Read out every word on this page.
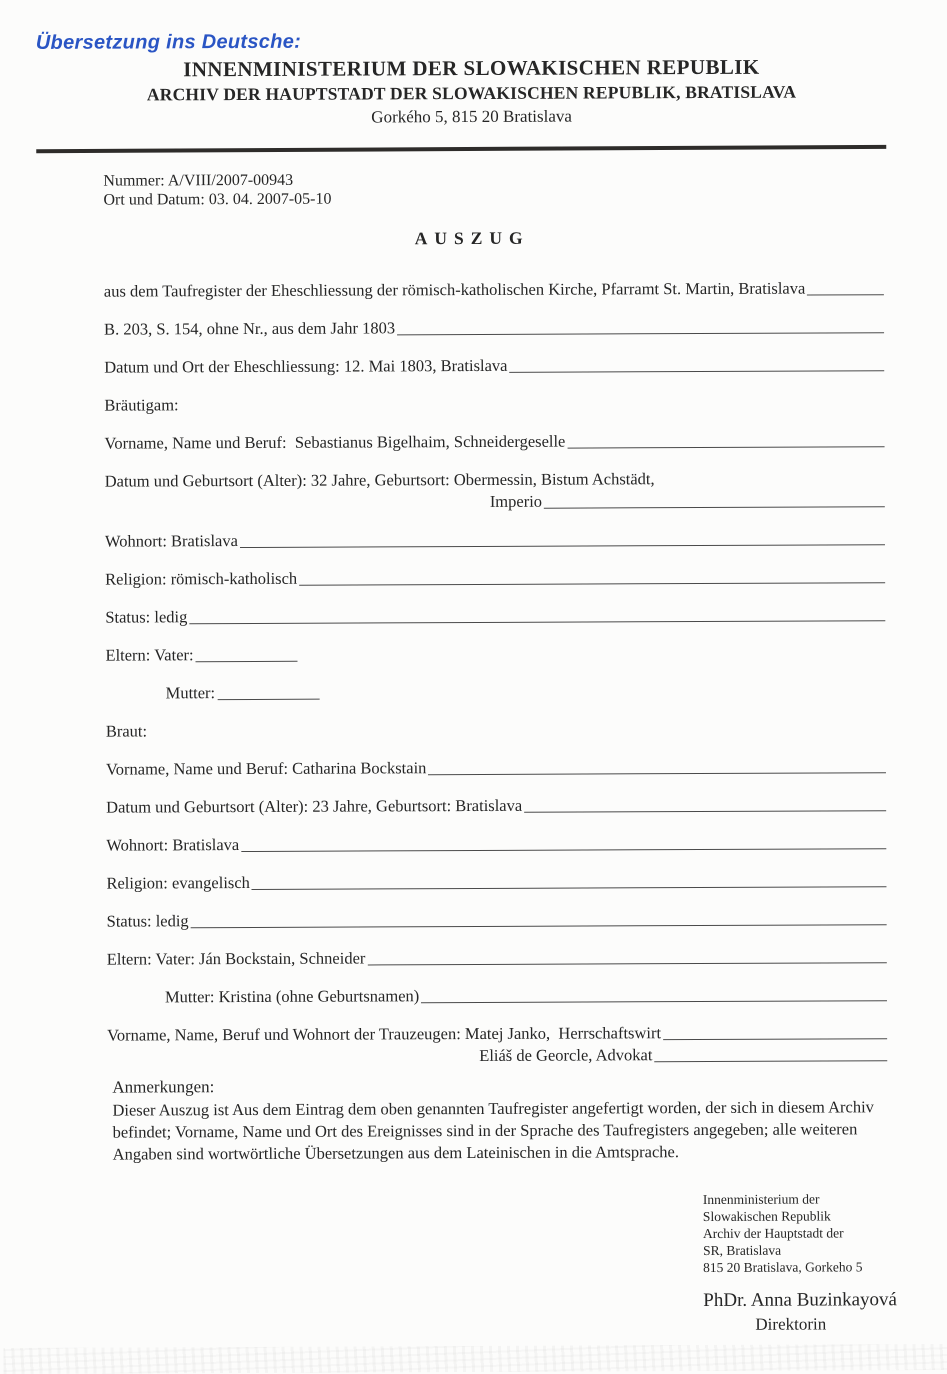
Übersetzung ins Deutsche:
INNENMINISTERIUM DER SLOWAKISCHEN REPUBLIK
ARCHIV DER HAUPTSTADT DER SLOWAKISCHEN REPUBLIK, BRATISLAVA
Gorkého 5, 815 20 Bratislava
Nummer: A/VIII/2007-00943
Ort und Datum: 03. 04. 2007-05-10
AUSZUG
aus dem Taufregister der Eheschliessung der römisch-katholischen Kirche, Pfarramt St. Martin, Bratislava
B. 203, S. 154, ohne Nr., aus dem Jahr 1803
Datum und Ort der Eheschliessung: 12. Mai 1803, Bratislava
Bräutigam:
Vorname, Name und Beruf:  Sebastianus Bigelhaim, Schneidergeselle
Datum und Geburtsort (Alter): 32 Jahre, Geburtsort: Obermessin, Bistum Achstädt,
Imperio
Wohnort: Bratislava
Religion: römisch-katholisch
Status: ledig
Eltern: Vater:
Mutter:
Braut:
Vorname, Name und Beruf: Catharina Bockstain
Datum und Geburtsort (Alter): 23 Jahre, Geburtsort: Bratislava
Wohnort: Bratislava
Religion: evangelisch
Status: ledig
Eltern: Vater: Ján Bockstain, Schneider
Mutter: Kristina (ohne Geburtsnamen)
Vorname, Name, Beruf und Wohnort der Trauzeugen: Matej Janko,  Herrschaftswirt
Eliáš de Georcle, Advokat
Anmerkungen:
Dieser Auszug ist Aus dem Eintrag dem oben genannten Taufregister angefertigt worden, der sich in diesem Archiv
befindet; Vorname, Name und Ort des Ereignisses sind in der Sprache des Taufregisters angegeben; alle weiteren
Angaben sind wortwörtliche Übersetzungen aus dem Lateinischen in die Amtsprache.
Innenministerium der
Slowakischen Republik
Archiv der Hauptstadt der
SR, Bratislava
815 20 Bratislava, Gorkeho 5
PhDr. Anna Buzinkayová
Direktorin
